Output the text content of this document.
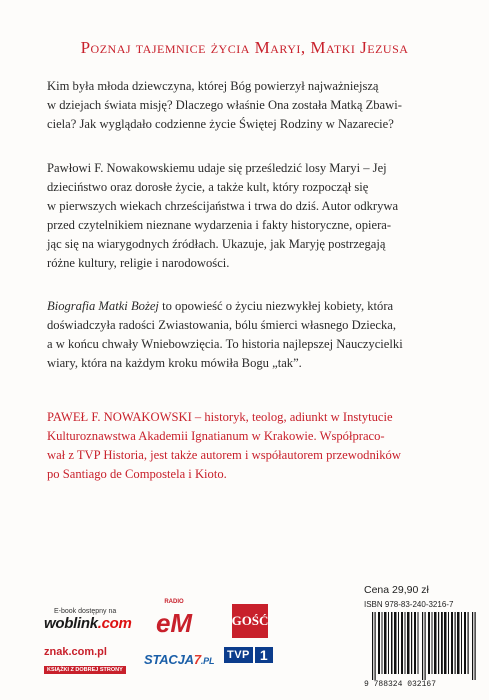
Poznaj tajemnice życia Maryi, Matki Jezusa
Kim była młoda dziewczyna, której Bóg powierzył najważniejszą
w dziejach świata misję? Dlaczego właśnie Ona została Matką Zbawi-
ciela? Jak wyglądało codzienne życie Świętej Rodziny w Nazarecie?
Pawłowi F. Nowakowskiemu udaje się prześledzić losy Maryi – Jej
dzieciństwo oraz dorosłe życie, a także kult, który rozpoczął się
w pierwszych wiekach chrześcijaństwa i trwa do dziś. Autor odkrywa
przed czytelnikiem nieznane wydarzenia i fakty historyczne, opiera-
jąc się na wiarygodnych źródłach. Ukazuje, jak Maryję postrzegają
różne kultury, religie i narodowości.
Biografia Matki Bożej to opowieść o życiu niezwykłej kobiety, która
doświadczyła radości Zwiastowania, bólu śmierci własnego Dziecka,
a w końcu chwały Wniebowzięcia. To historia najlepszej Nauczycielki
wiary, która na każdym kroku mówiła Bogu „tak”.
PAWEŁ F. NOWAKOWSKI – historyk, teolog, adiunkt w Instytucie
Kulturoznawstwa Akademii Ignatianum w Krakowie. Współpraco-
wał z TVP Historia, jest także autorem i współautorem przewodników
po Santiago de Compostela i Kioto.
E-book dostępny na
woblink.com
RADIO
eM	GOŚĆ
znak.com.pl
KSIĄŻKI Z DOBREJ STRONY
STACJA7.PL TVP 1
Cena 29,90 zł
ISBN 978-83-240-3216-7
9 788324 032167
